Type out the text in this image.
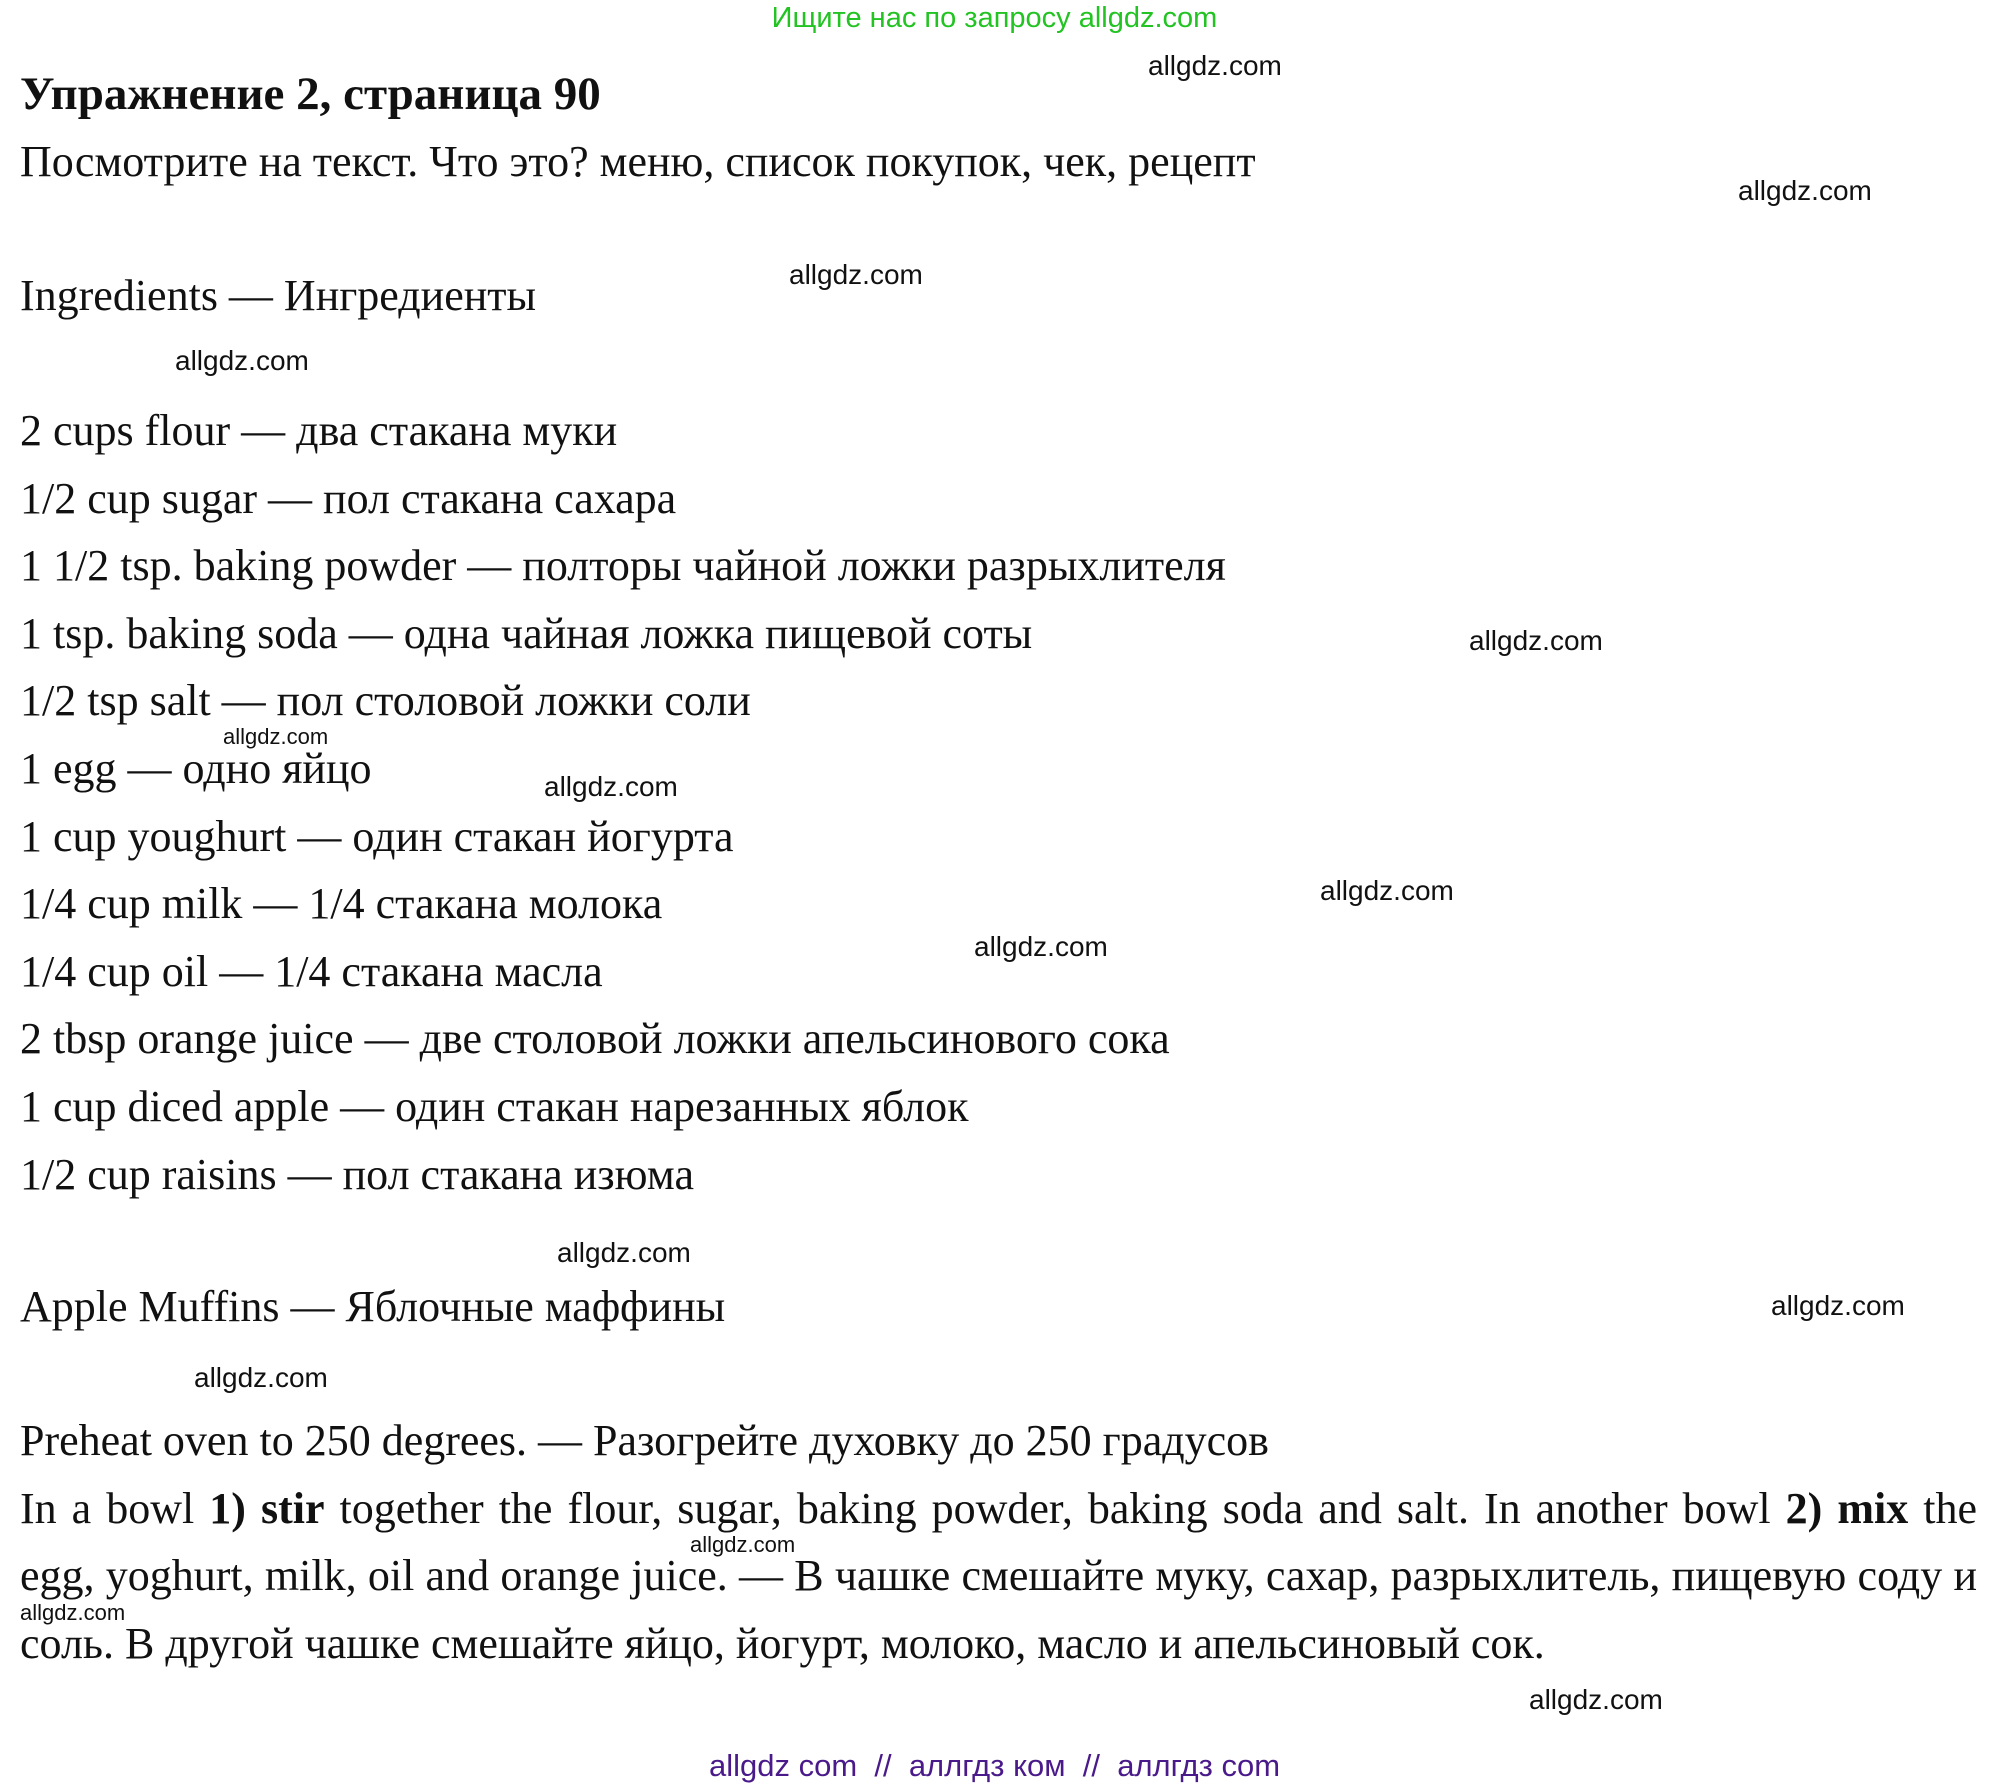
Ищите нас по запросу allgdz.com
Упражнение 2, страница 90
Посмотрите на текст. Что это? меню, список покупок, чек, рецепт
Ingredients — Ингредиенты
2 cups flour — два стакана муки
1/2 cup sugar — пол стакана сахара
1 1/2 tsp. baking powder — полторы чайной ложки разрыхлителя
1 tsp. baking soda — одна чайная ложка пищевой соты
1/2 tsp salt — пол столовой ложки соли
1 egg — одно яйцо
1 cup youghurt — один стакан йогурта
1/4 cup milk — 1/4 стакана молока
1/4 cup oil — 1/4 стакана масла
2 tbsp orange juice — две столовой ложки апельсинового сока
1 cup diced apple — один стакан нарезанных яблок
1/2 cup raisins — пол стакана изюма
Apple Muffins — Яблочные маффины
Preheat oven to 250 degrees. — Разогрейте духовку до 250 градусов
In a bowl 1) stir together the flour, sugar, baking powder, baking soda and salt. In another bowl 2) mix the egg, yoghurt, milk, oil and orange juice. — В чашке смешайте муку, сахар, разрыхлитель, пищевую соду и соль. В другой чашке смешайте яйцо, йогурт, молоко, масло и апельсиновый сок.
allgdz.com
allgdz.com
allgdz.com
allgdz.com
allgdz.com
allgdz.com
allgdz.com
allgdz.com
allgdz.com
allgdz.com
allgdz.com
allgdz.com
allgdz.com
allgdz.com
allgdz.com
allgdz com  //  аллгдз ком  //  аллгдз com
